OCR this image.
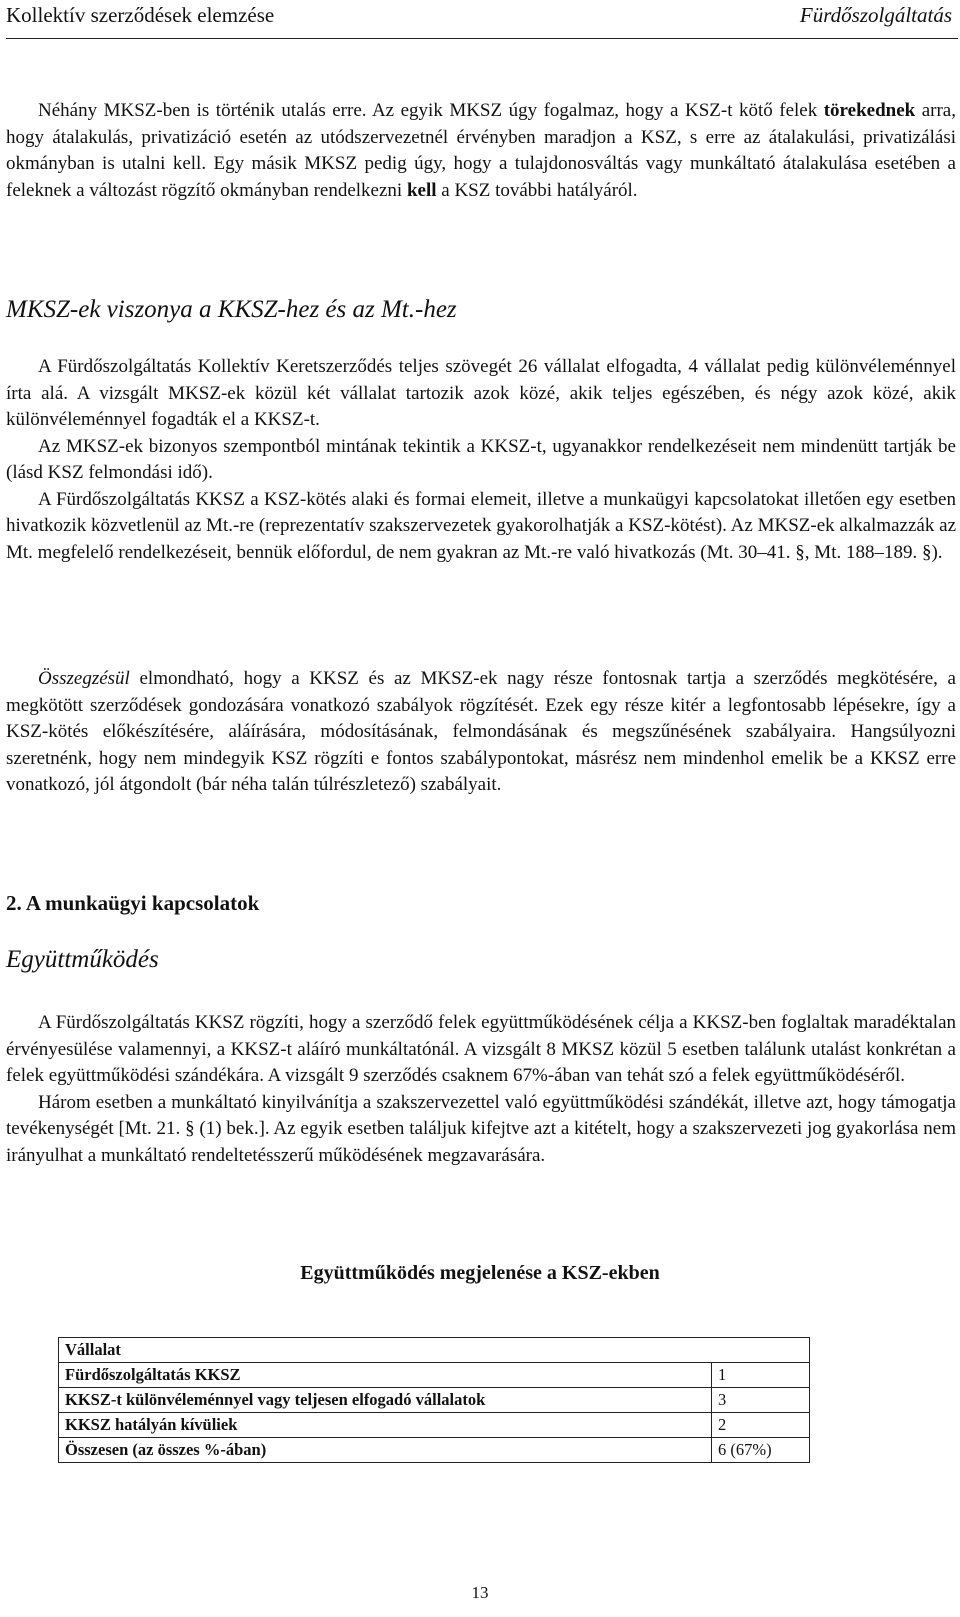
Kollektív szerződések elemzése	Fürdőszolgáltatás

Néhány MKSZ-ben is történik utalás erre. Az egyik MKSZ úgy fogalmaz, hogy a KSZ-t kötő felek törekednek arra, hogy átalakulás, privatizáció esetén az utódszervezetnél érvényben maradjon a KSZ, s erre az átalakulási, privatizálási okmányban is utalni kell. Egy másik MKSZ pedig úgy, hogy a tulajdonosváltás vagy munkáltató átalakulása esetében a feleknek a változást rögzítő okmányban rendelkezni kell a KSZ további hatályáról.

MKSZ-ek viszonya a KKSZ-hez és az Mt.-hez

A Fürdőszolgáltatás Kollektív Keretszerződés teljes szövegét 26 vállalat elfogadta, 4 vállalat pedig különvéleménnyel írta alá. A vizsgált MKSZ-ek közül két vállalat tartozik azok közé, akik teljes egészében, és négy azok közé, akik különvéleménnyel fogadták el a KKSZ-t.

Az MKSZ-ek bizonyos szempontból mintának tekintik a KKSZ-t, ugyanakkor rendelkezéseit nem mindenütt tartják be (lásd KSZ felmondási idő).

A Fürdőszolgáltatás KKSZ a KSZ-kötés alaki és formai elemeit, illetve a munkaügyi kapcsolatokat illetően egy esetben hivatkozik közvetlenül az Mt.-re (reprezentatív szakszervezetek gyakorolhatják a KSZ-kötést). Az MKSZ-ek alkalmazzák az Mt. megfelelő rendelkezéseit, bennük előfordul, de nem gyakran az Mt.-re való hivatkozás (Mt. 30–41. §, Mt. 188–189. §).

Összegzésül elmondható, hogy a KKSZ és az MKSZ-ek nagy része fontosnak tartja a szerződés megkötésére, a megkötött szerződések gondozására vonatkozó szabályok rögzítését. Ezek egy része kitér a legfontosabb lépésekre, így a KSZ-kötés előkészítésére, aláírására, módosításának, felmondásának és megszűnésének szabályaira. Hangsúlyozni szeretnénk, hogy nem mindegyik KSZ rögzíti e fontos szabálypontokat, másrész nem mindenhol emelik be a KKSZ erre vonatkozó, jól átgondolt (bár néha talán túlrészletező) szabályait.

2. A munkaügyi kapcsolatok
Együttműködés

A Fürdőszolgáltatás KKSZ rögzíti, hogy a szerződő felek együttműködésének célja a KKSZ-ben foglaltak maradéktalan érvényesülése valamennyi, a KKSZ-t aláíró munkáltatónál. A vizsgált 8 MKSZ közül 5 esetben találunk utalást konkrétan a felek együttműködési szándékára. A vizsgált 9 szerződés csaknem 67%-ában van tehát szó a felek együttműködéséről.

Három esetben a munkáltató kinyilvánítja a szakszervezettel való együttműködési szándékát, illetve azt, hogy támogatja tevékenységét [Mt. 21. § (1) bek.]. Az egyik esetben találjuk kifejtve azt a kitételt, hogy a szakszervezeti jog gyakorlása nem irányulhat a munkáltató rendeltetésszerű működésének megzavarására.

Együttműködés megjelenése a KSZ-ekben
Vállalat	
Fürdőszolgáltatás KKSZ	1
KKSZ-t különvéleménnyel vagy teljesen elfogadó vállalatok	3
KKSZ hatályán kívüliek	2
Összesen (az összes %-ában)	6 (67%)
13
